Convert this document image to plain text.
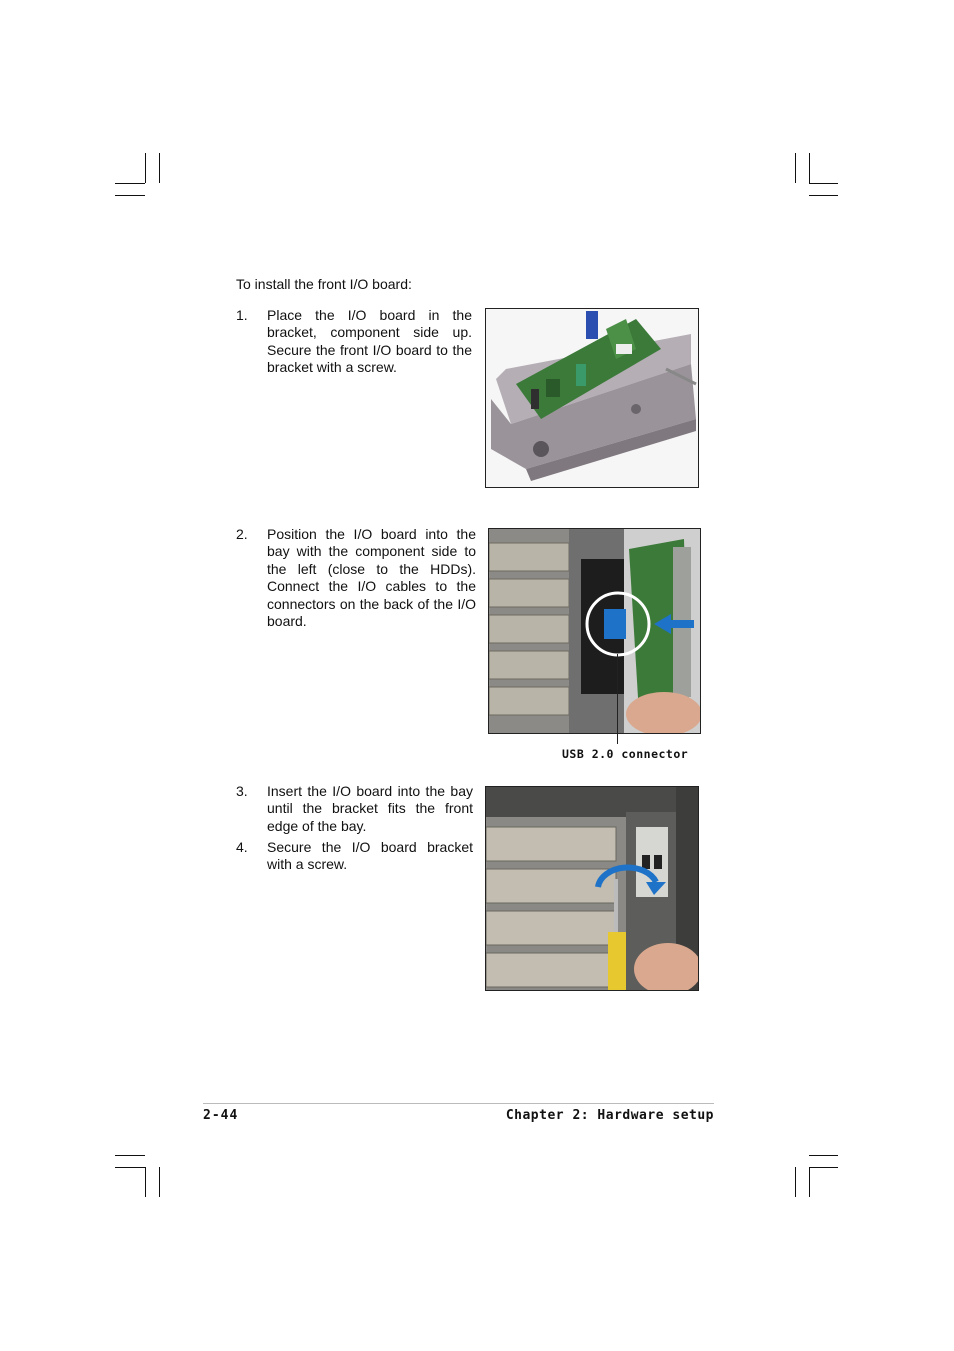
To install the front I/O board:
1. Place the I/O board in the bracket, component side up. Secure the front I/O board to the bracket with a screw.
2. Position the I/O board into the bay with the component side to the left (close to the HDDs). Connect the I/O cables to the connectors on the back of the I/O board.
USB 2.0 connector
3. Insert the I/O board into the bay until the bracket fits the front edge of the bay.
4. Secure the I/O board bracket with a screw.
2-44	Chapter 2: Hardware setup
